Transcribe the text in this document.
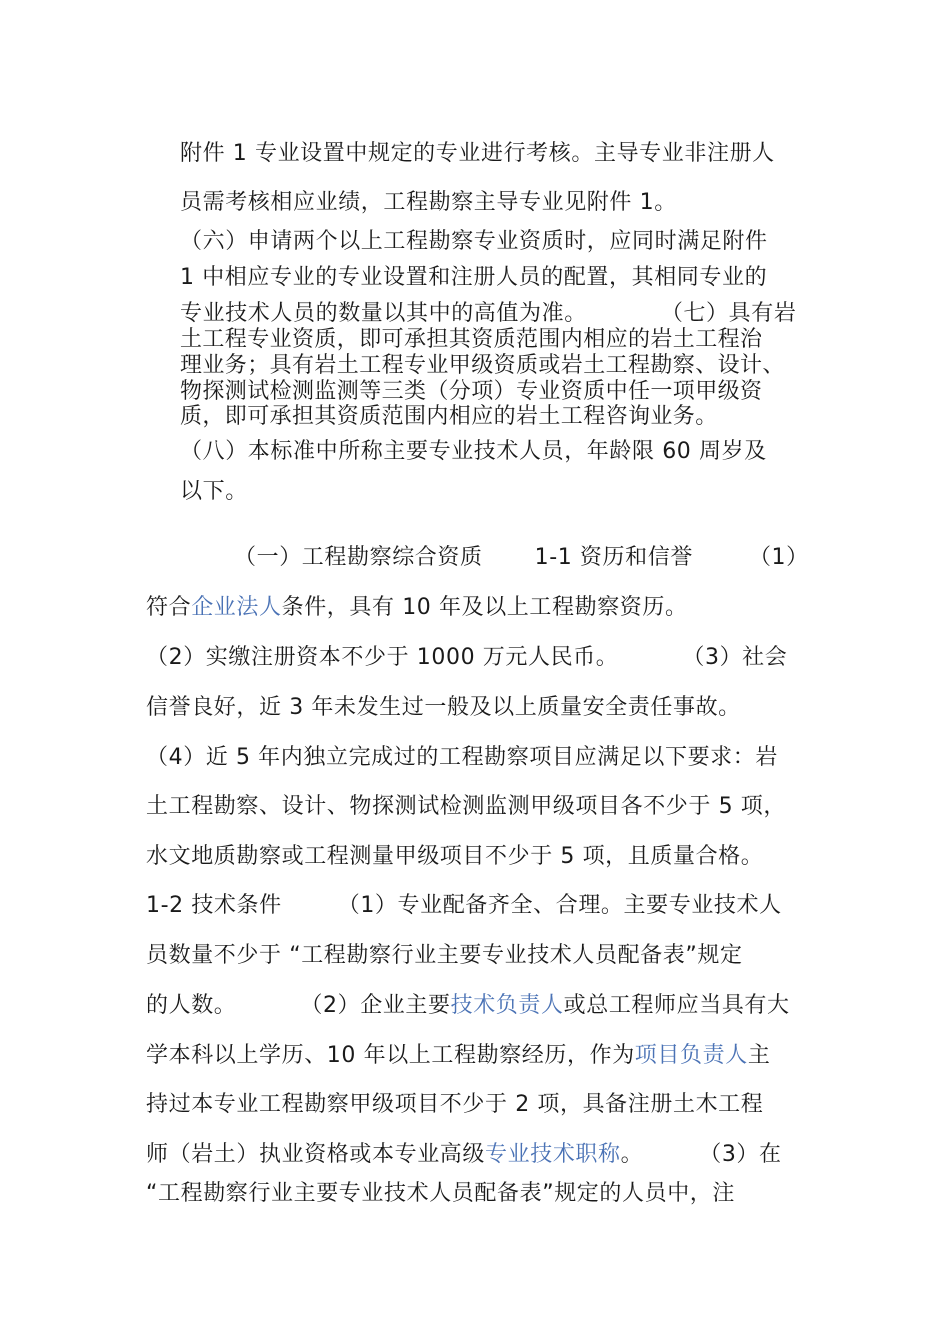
附件 1 专业设置中规定的专业进行考核。主导专业非注册人
员需考核相应业绩，工程勘察主导专业见附件 1。
（六）申请两个以上工程勘察专业资质时，应同时满足附件
1 中相应专业的专业设置和注册人员的配置，其相同专业的
专业技术人员的数量以其中的高值为准。	（七）具有岩
土工程专业资质，即可承担其资质范围内相应的岩土工程治
理业务；具有岩土工程专业甲级资质或岩土工程勘察、设计、
物探测试检测监测等三类（分项）专业资质中任一项甲级资
质，即可承担其资质范围内相应的岩土工程咨询业务。
（八）本标准中所称主要专业技术人员，年龄限 60 周岁及
以下。
（一）工程勘察综合资质 1-1 资历和信誉	（1）
符合企业法人条件，具有 10 年及以上工程勘察资历。
（2）实缴注册资本不少于 1000 万元人民币。	（3）社会
信誉良好，近 3 年未发生过一般及以上质量安全责任事故。
（4）近 5 年内独立完成过的工程勘察项目应满足以下要求：岩
土工程勘察、设计、物探测试检测监测甲级项目各不少于 5 项，
水文地质勘察或工程测量甲级项目不少于 5 项，且质量合格。
1-2 技术条件	（1）专业配备齐全、合理。主要专业技术人
员数量不少于 “工程勘察行业主要专业技术人员配备表”规定
的人数。	（2）企业主要技术负责人或总工程师应当具有大
学本科以上学历、10 年以上工程勘察经历，作为项目负责人主
持过本专业工程勘察甲级项目不少于 2 项，具备注册土木工程
师（岩土）执业资格或本专业高级专业技术职称。	（3）在
“工程勘察行业主要专业技术人员配备表”规定的人员中，注
